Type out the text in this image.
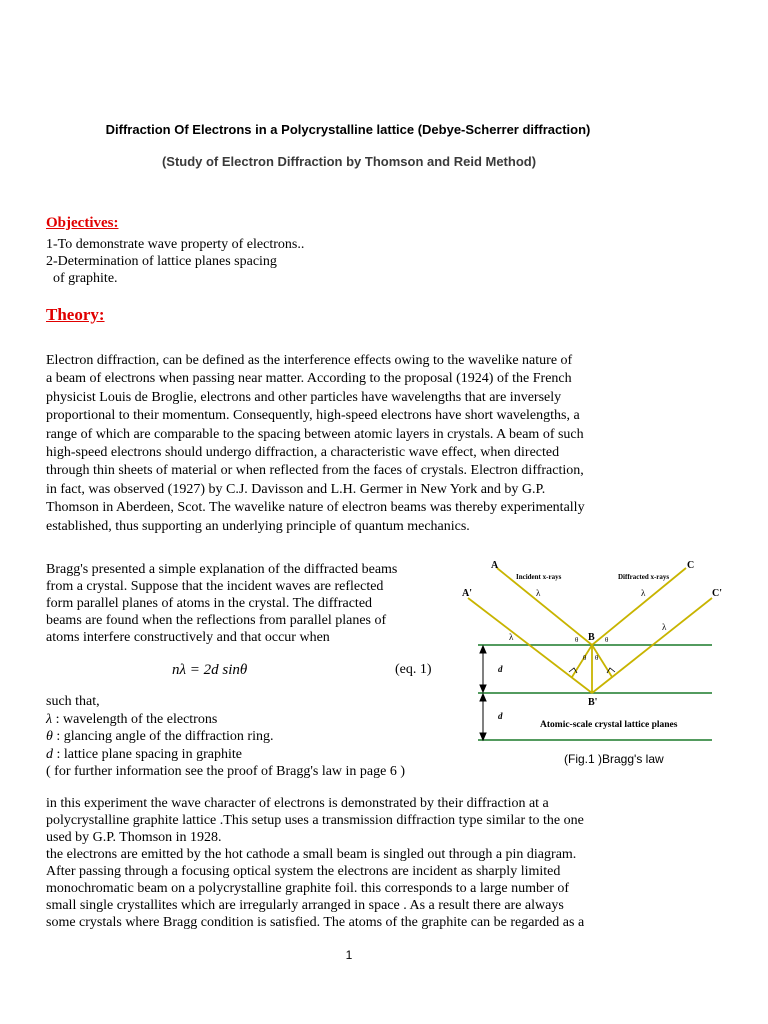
Diffraction Of Electrons in a Polycrystalline lattice (Debye-Scherrer diffraction)
(Study of Electron Diffraction by Thomson and Reid Method)
Objectives:
1-To demonstrate wave property of electrons..
2-Determination of lattice planes spacing
of graphite.
Theory:
Electron diffraction, can be defined as the interference effects owing to the wavelike nature of
a beam of electrons when passing near matter. According to the proposal (1924) of the French
physicist Louis de Broglie, electrons and other particles have wavelengths that are inversely
proportional to their momentum. Consequently, high-speed electrons have short wavelengths, a
range of which are comparable to the spacing between atomic layers in crystals. A beam of such
high-speed electrons should undergo diffraction, a characteristic wave effect, when directed
through thin sheets of material or when reflected from the faces of crystals. Electron diffraction,
in fact, was observed (1927) by C.J. Davisson and L.H. Germer in New York and by G.P.
Thomson in Aberdeen, Scot. The wavelike nature of electron beams was thereby experimentally
established, thus supporting an underlying principle of quantum mechanics.
Bragg's presented a simple explanation of the diffracted beams
from a crystal. Suppose that the incident waves are reflected
form parallel planes of atoms in the crystal. The diffracted
beams are found when the reflections from parallel planes of
atoms interfere constructively and that occur when
nλ = 2d sinθ	(eq. 1)
such that,
λ : wavelength of the electrons
θ : glancing angle of the diffraction ring.
d : lattice plane spacing in graphite
( for further information see the proof of Bragg's law in page 6 )
A
A'
C
C'
Incident x-rays	Diffracted x-rays
λ	λ
λ
λ
B
B'
θ	θ
θ θ
d
d
Atomic-scale crystal lattice planes
(Fig.1 )Bragg's law
in this experiment the wave character of electrons is demonstrated by their diffraction at a
polycrystalline graphite lattice .This setup uses a transmission diffraction type similar to the one
used by G.P. Thomson in 1928.
the electrons are emitted by the hot cathode a small beam is singled out through a pin diagram.
After passing through a focusing optical system the electrons are incident as sharply limited
monochromatic beam on a polycrystalline graphite foil. this corresponds to a large number of
small single crystallites which are irregularly arranged in space . As a result there are always
some crystals where Bragg condition is satisfied. The atoms of the graphite can be regarded as a
1
